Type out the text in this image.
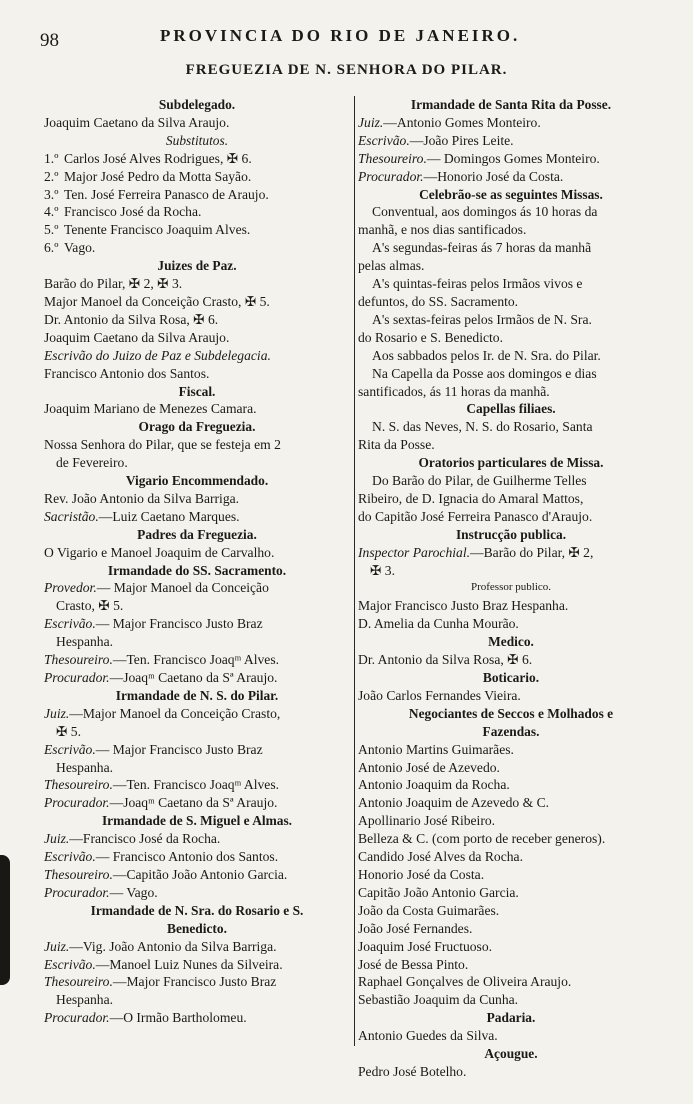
98	PROVINCIA DO RIO DE JANEIRO.
FREGUEZIA DE N. SENHORA DO PILAR.
Subdelegado.
Joaquim Caetano da Silva Araujo.
Substitutos.
1.º Carlos José Alves Rodrigues, ✠ 6.
2.º Major José Pedro da Motta Sayão.
3.º Ten. José Ferreira Panasco de Araujo.
4.º Francisco José da Rocha.
5.º Tenente Francisco Joaquim Alves.
6.º Vago.
Juizes de Paz.
Barão do Pilar, ✠ 2, ✠ 3.
Major Manoel da Conceição Crasto, ✠ 5.
Dr. Antonio da Silva Rosa, ✠ 6.
Joaquim Caetano da Silva Araujo.
Escrivão do Juizo de Paz e Subdelegacia.
Francisco Antonio dos Santos.
Fiscal.
Joaquim Mariano de Menezes Camara.
Orago da Freguezia.
Nossa Senhora do Pilar, que se festeja em 2
de Fevereiro.
Vigario Encommendado.
Rev. João Antonio da Silva Barriga.
Sacristão.—Luiz Caetano Marques.
Padres da Freguezia.
O Vigario e Manoel Joaquim de Carvalho.
Irmandade do SS. Sacramento.
Provedor.— Major Manoel da Conceição
Crasto, ✠ 5.
Escrivão.— Major Francisco Justo Braz
Hespanha.
Thesoureiro.—Ten. Francisco Joaqᵐ Alves.
Procurador.—Joaqᵐ Caetano da Sª Araujo.
Irmandade de N. S. do Pilar.
Juiz.—Major Manoel da Conceição Crasto,
✠ 5.
Escrivão.— Major Francisco Justo Braz
Hespanha.
Thesoureiro.—Ten. Francisco Joaqᵐ Alves.
Procurador.—Joaqᵐ Caetano da Sª Araujo.
Irmandade de S. Miguel e Almas.
Juiz.—Francisco José da Rocha.
Escrivão.— Francisco Antonio dos Santos.
Thesoureiro.—Capitão João Antonio Garcia.
Procurador.— Vago.
Irmandade de N. Sra. do Rosario e S.
Benedicto.
Juiz.—Vig. João Antonio da Silva Barriga.
Escrivão.—Manoel Luiz Nunes da Silveira.
Thesoureiro.—Major Francisco Justo Braz
Hespanha.
Procurador.—O Irmão Bartholomeu.
Irmandade de Santa Rita da Posse.
Juiz.—Antonio Gomes Monteiro.
Escrivão.—João Pires Leite.
Thesoureiro.— Domingos Gomes Monteiro.
Procurador.—Honorio José da Costa.
Celebrão-se as seguintes Missas.
Conventual, aos domingos ás 10 horas da
manhã, e nos dias santificados.
A's segundas-feiras ás 7 horas da manhã
pelas almas.
A's quintas-feiras pelos Irmãos vivos e
defuntos, do SS. Sacramento.
A's sextas-feiras pelos Irmãos de N. Sra.
do Rosario e S. Benedicto.
Aos sabbados pelos Ir. de N. Sra. do Pilar.
Na Capella da Posse aos domingos e dias
santificados, ás 11 horas da manhã.
Capellas filiaes.
N. S. das Neves, N. S. do Rosario, Santa
Rita da Posse.
Oratorios particulares de Missa.
Do Barão do Pilar, de Guilherme Telles
Ribeiro, de D. Ignacia do Amaral Mattos,
do Capitão José Ferreira Panasco d'Araujo.
Instrucção publica.
Inspector Parochial.—Barão do Pilar, ✠ 2,
✠ 3.
Professor publico.
Major Francisco Justo Braz Hespanha.
D. Amelia da Cunha Mourão.
Medico.
Dr. Antonio da Silva Rosa, ✠ 6.
Boticario.
João Carlos Fernandes Vieira.
Negociantes de Seccos e Molhados e
Fazendas.
Antonio Martins Guimarães.
Antonio José de Azevedo.
Antonio Joaquim da Rocha.
Antonio Joaquim de Azevedo & C.
Apollinario José Ribeiro.
Belleza & C. (com porto de receber generos).
Candido José Alves da Rocha.
Honorio José da Costa.
Capitão João Antonio Garcia.
João da Costa Guimarães.
João José Fernandes.
Joaquim José Fructuoso.
José de Bessa Pinto.
Raphael Gonçalves de Oliveira Araujo.
Sebastião Joaquim da Cunha.
Padaria.
Antonio Guedes da Silva.
Açougue.
Pedro José Botelho.
